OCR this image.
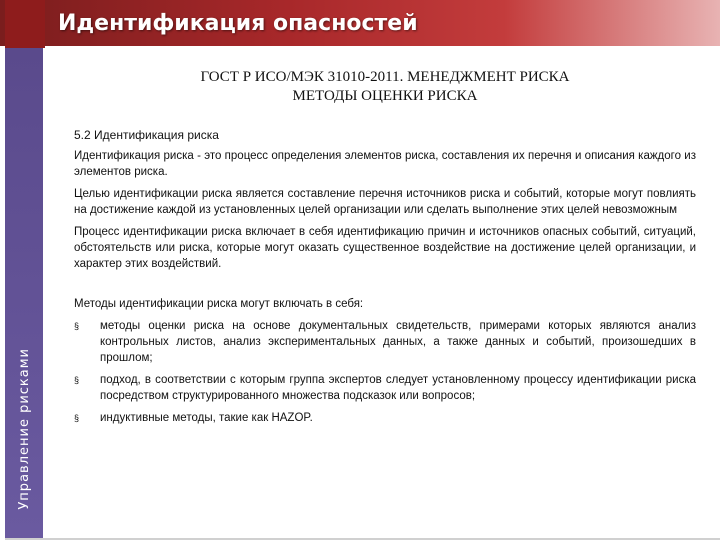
Идентификация опасностей
Управление рисками
ГОСТ Р ИСО/МЭК 31010-2011. МЕНЕДЖМЕНТ РИСКА
МЕТОДЫ ОЦЕНКИ РИСКА
5.2 Идентификация риска

Идентификация риска - это процесс определения элементов риска, составления их перечня и описания каждого из элементов риска.

Целью идентификации риска является составление перечня источников риска и событий, которые могут повлиять на достижение каждой из установленных целей организации или сделать выполнение этих целей невозможным

Процесс идентификации риска включает в себя идентификацию причин и источников опасных событий, ситуаций, обстоятельств или риска, которые могут оказать существенное воздействие на достижение целей организации, и характер этих воздействий.

Методы идентификации риска могут включать в себя:

§	методы оценки риска на основе документальных свидетельств, примерами которых являются анализ контрольных листов, анализ экспериментальных данных, а также данных и событий, произошедших в прошлом;
§	подход, в соответствии с которым группа экспертов следует установленному процессу идентификации риска посредством структурированного множества подсказок или вопросов;
§	индуктивные методы, такие как HAZOP.
